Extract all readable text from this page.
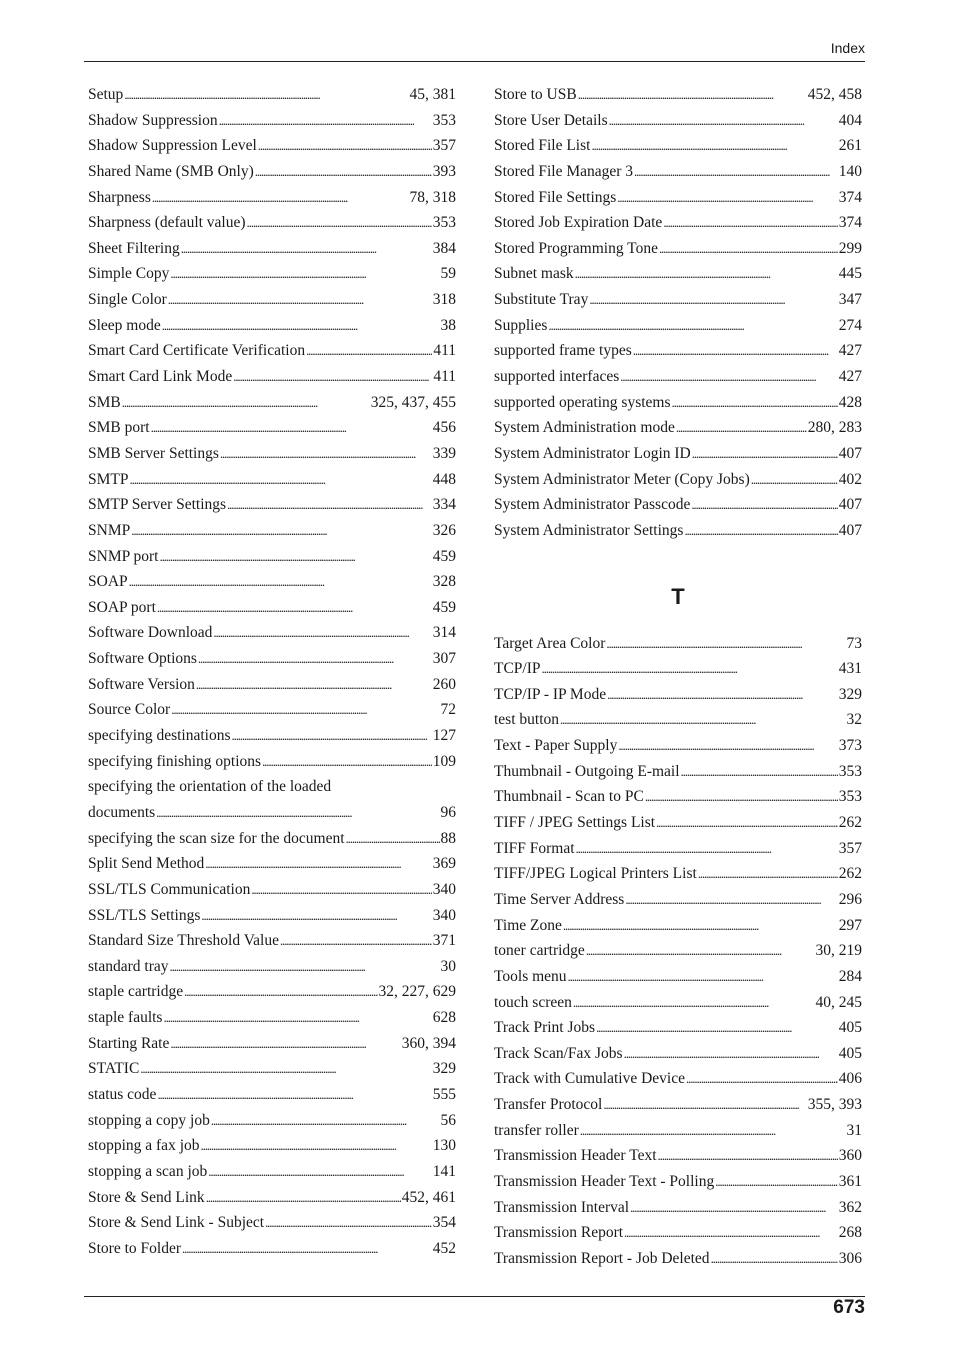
Index
Setup . . .	45, 381
Shadow Suppression . . .	353
Shadow Suppression Level . . .	357
Shared Name (SMB Only) . . .	393
Sharpness . . .	78, 318
Sharpness (default value) . . .	353
Sheet Filtering . . .	384
Simple Copy . . .	59
Single Color . . .	318
Sleep mode . . .	38
Smart Card Certificate Verification . . .	411
Smart Card Link Mode . . .	411
SMB . . .	325, 437, 455
SMB port . . .	456
SMB Server Settings . . .	339
SMTP . . .	448
SMTP Server Settings . . .	334
SNMP . . .	326
SNMP port . . .	459
SOAP . . .	328
SOAP port . . .	459
Software Download . . .	314
Software Options . . .	307
Software Version . . .	260
Source Color . . .	72
specifying destinations . . .	127
specifying finishing options . . .	109
specifying the orientation of the loaded
documents . . .	96
specifying the scan size for the document . . .	88
Split Send Method . . .	369
SSL/TLS Communication . . .	340
SSL/TLS Settings . . .	340
Standard Size Threshold Value . . .	371
standard tray . . .	30
staple cartridge . . .	32, 227, 629
staple faults . . .	628
Starting Rate . . .	360, 394
STATIC . . .	329
status code . . .	555
stopping a copy job . . .	56
stopping a fax job . . .	130
stopping a scan job . . .	141
Store & Send Link . . .	452, 461
Store & Send Link - Subject . . .	354
Store to Folder . . .	452
Store to USB . . .	452, 458
Store User Details . . .	404
Stored File List . . .	261
Stored File Manager 3 . . .	140
Stored File Settings . . .	374
Stored Job Expiration Date . . .	374
Stored Programming Tone . . .	299
Subnet mask . . .	445
Substitute Tray . . .	347
Supplies . . .	274
supported frame types . . .	427
supported interfaces . . .	427
supported operating systems . . .	428
System Administration mode . . .	280, 283
System Administrator Login ID . . .	407
System Administrator Meter (Copy Jobs) . . .	402
System Administrator Passcode . . .	407
System Administrator Settings . . .	407
T
Target Area Color . . .	73
TCP/IP . . .	431
TCP/IP - IP Mode . . .	329
test button . . .	32
Text - Paper Supply . . .	373
Thumbnail - Outgoing E-mail . . .	353
Thumbnail - Scan to PC . . .	353
TIFF / JPEG Settings List . . .	262
TIFF Format . . .	357
TIFF/JPEG Logical Printers List . . .	262
Time Server Address . . .	296
Time Zone . . .	297
toner cartridge . . .	30, 219
Tools menu . . .	284
touch screen . . .	40, 245
Track Print Jobs . . .	405
Track Scan/Fax Jobs . . .	405
Track with Cumulative Device . . .	406
Transfer Protocol . . .	355, 393
transfer roller . . .	31
Transmission Header Text . . .	360
Transmission Header Text - Polling . . .	361
Transmission Interval . . .	362
Transmission Report . . .	268
Transmission Report - Job Deleted . . .	306
673
